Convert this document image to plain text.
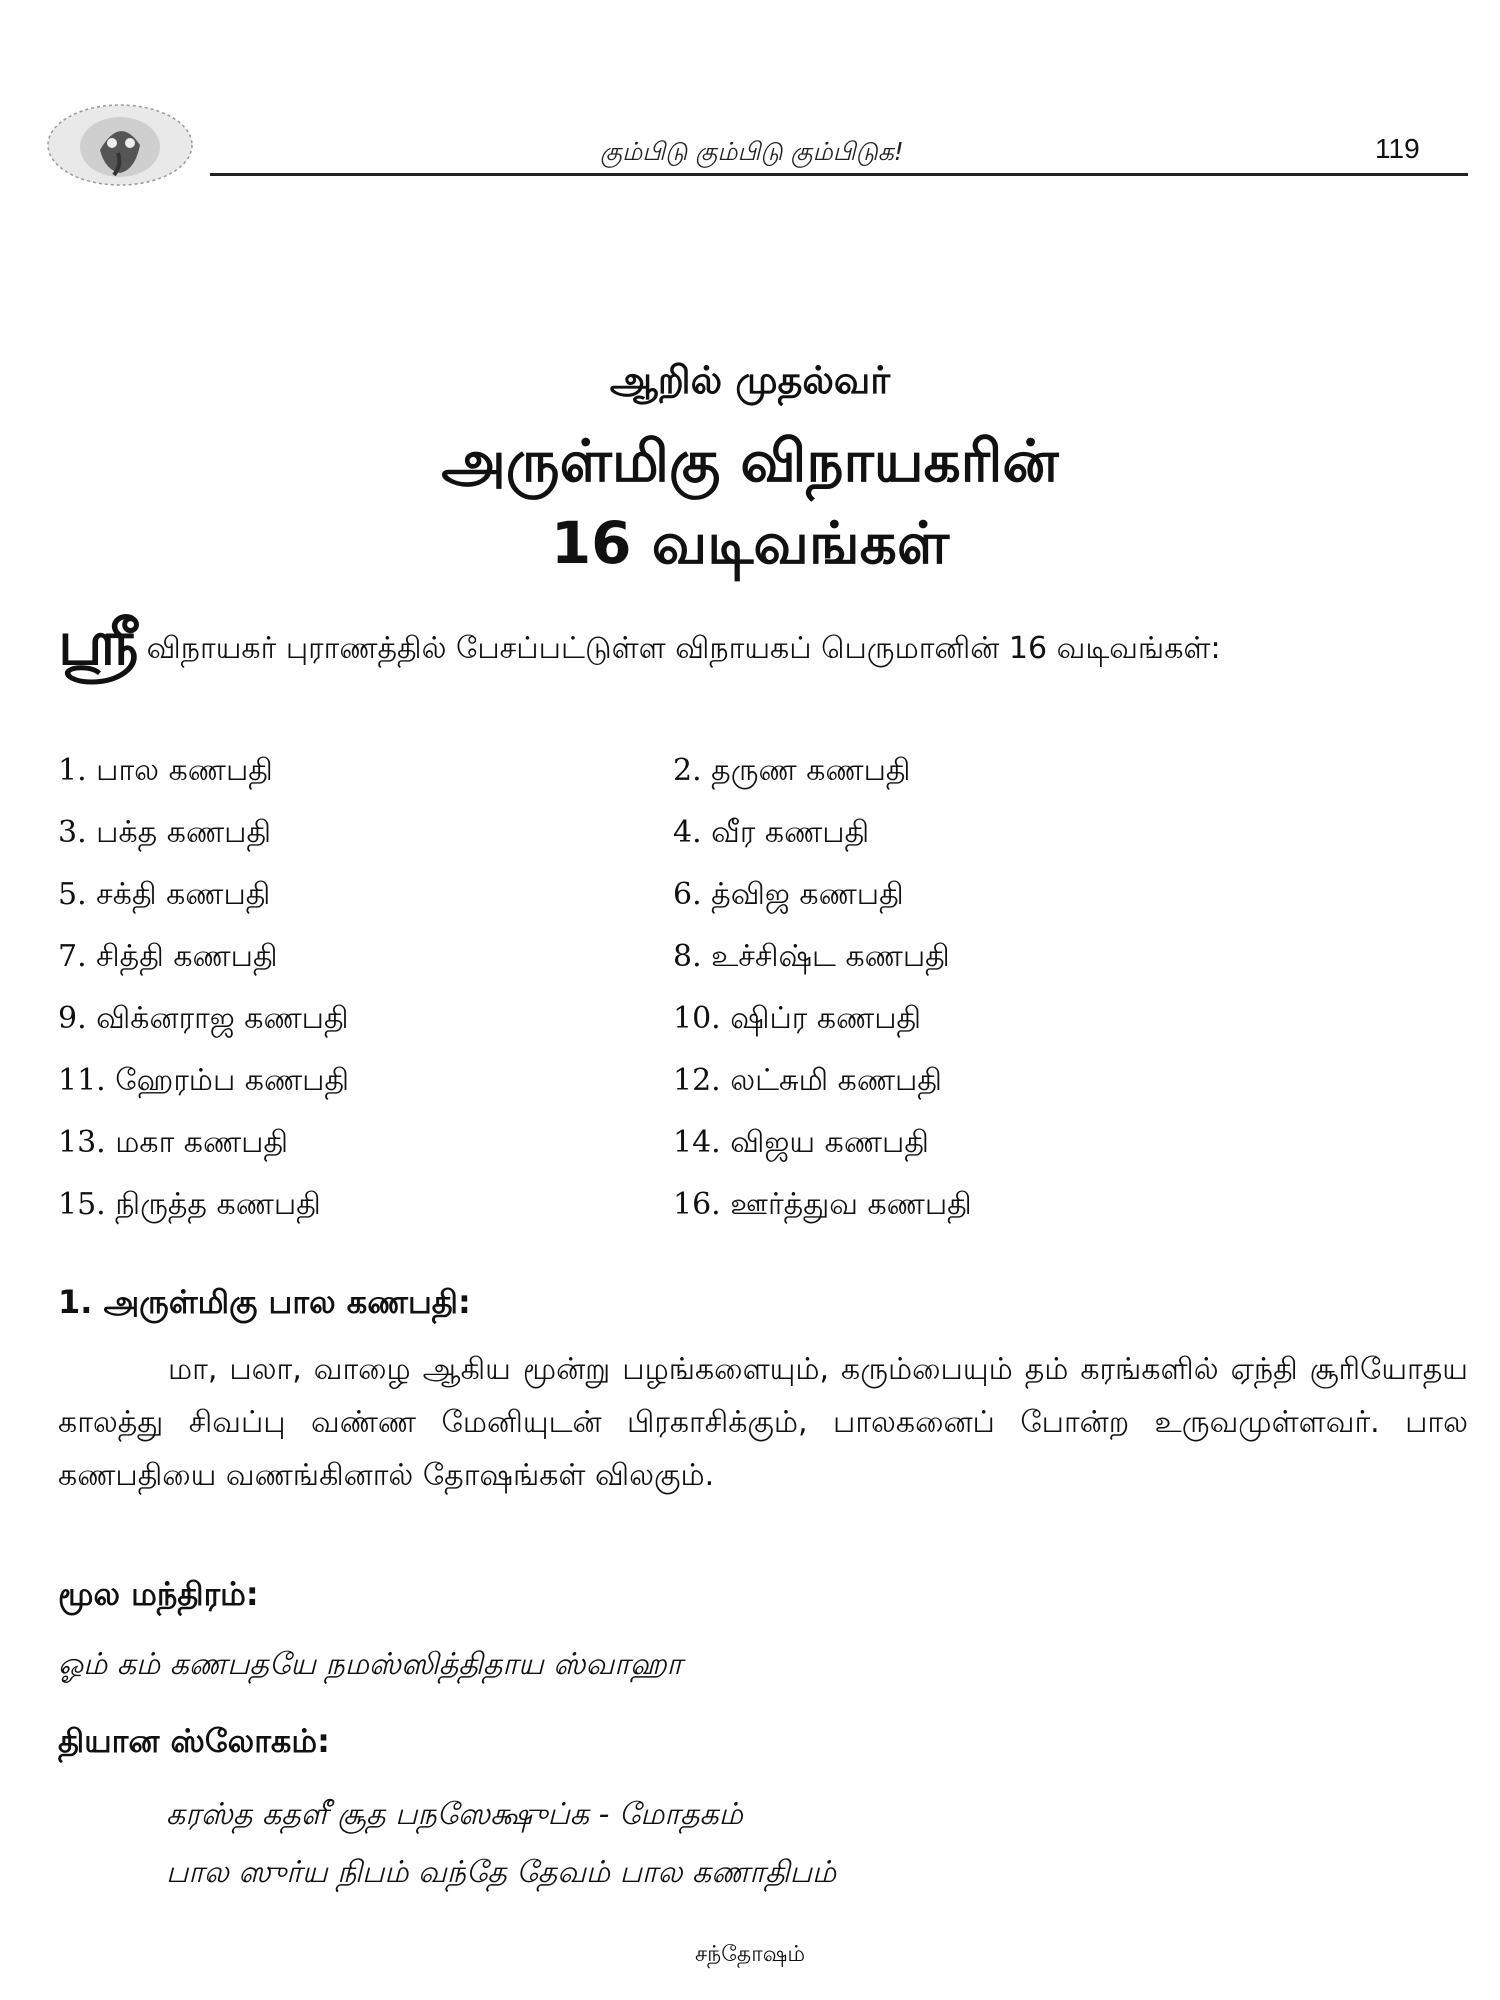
கும்பிடு கும்பிடு கும்பிடுக!	119
ஆறில் முதல்வர்
அருள்மிகு விநாயகரின்
16 வடிவங்கள்
ஸ்ரீ விநாயகர் புராணத்தில் பேசப்பட்டுள்ள விநாயகப் பெருமானின் 16 வடிவங்கள்:
1. பால கணபதி	2. தருண கணபதி
3. பக்த கணபதி	4. வீர கணபதி
5. சக்தி கணபதி	6. த்விஜ கணபதி
7. சித்தி கணபதி	8. உச்சிஷ்ட கணபதி
9. விக்னராஜ கணபதி	10. ஷிப்ர கணபதி
11. ஹேரம்ப கணபதி	12. லட்சுமி கணபதி
13. மகா கணபதி	14. விஜய கணபதி
15. நிருத்த கணபதி	16. ஊர்த்துவ கணபதி
1. அருள்மிகு பால கணபதி:
மா, பலா, வாழை ஆகிய மூன்று பழங்களையும், கரும்பையும் தம் கரங்களில் ஏந்தி சூரியோதய காலத்து சிவப்பு வண்ண மேனியுடன் பிரகாசிக்கும், பாலகனைப் போன்ற உருவமுள்ளவர். பால கணபதியை வணங்கினால் தோஷங்கள் விலகும்.
மூல மந்திரம்:
ஓம் கம் கணபதயே நமஸ்ஸித்திதாய ஸ்வாஹா
தியான ஸ்லோகம்:
கரஸ்த கதளீ சூத பநஸேக்ஷுப்க - மோதகம்
பால ஸுர்ய நிபம் வந்தே தேவம் பால கணாதிபம்
சந்தோஷம்
